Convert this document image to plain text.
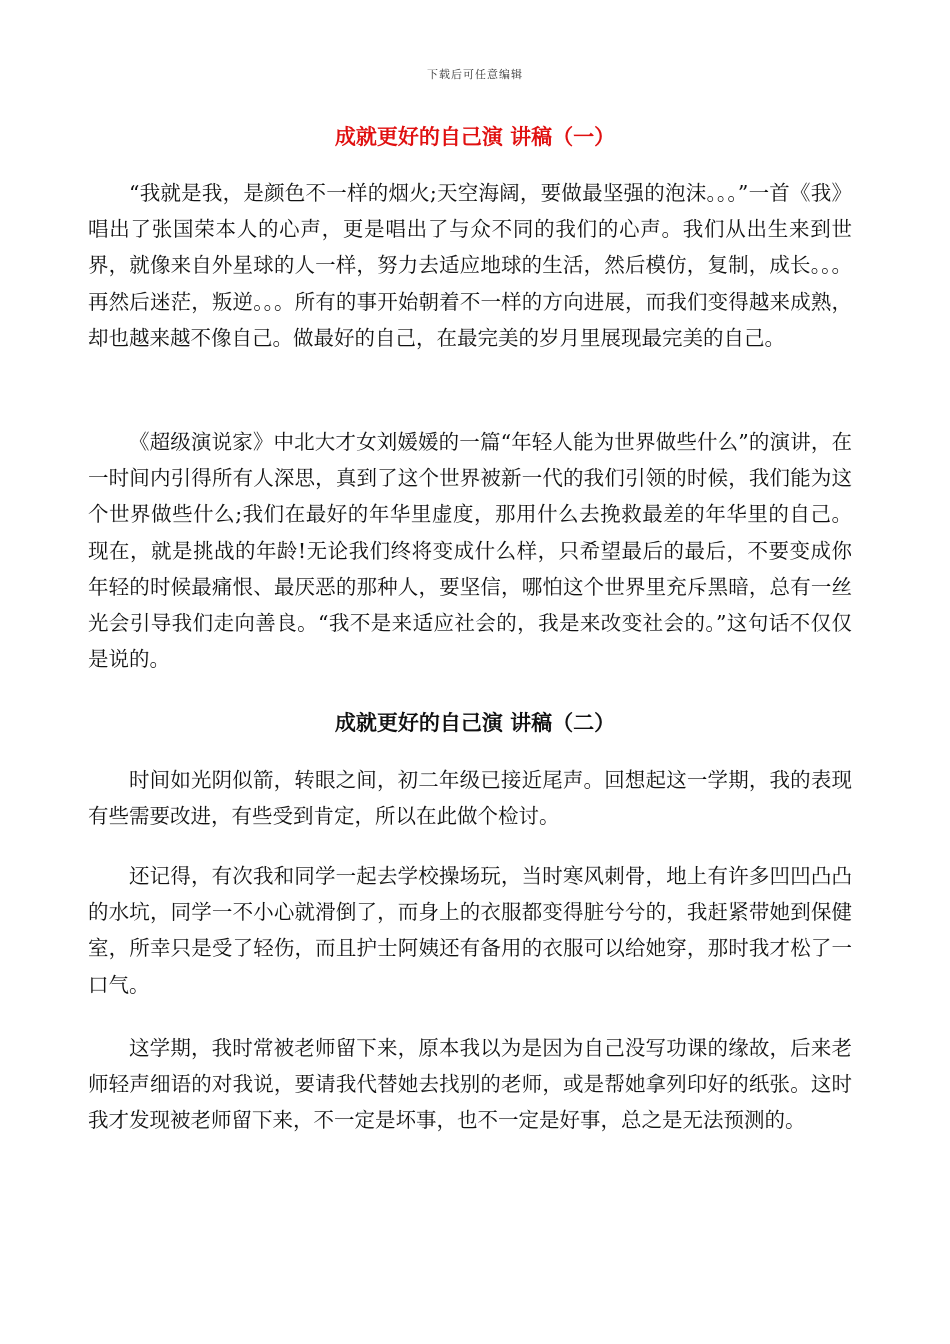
下载后可任意编辑
成就更好的自己演 讲稿（一）

“我就是我，是颜色不一样的烟火;天空海阔，要做最坚强的泡沫。。。”一首《我》唱出了张国荣本人的心声，更是唱出了与众不同的我们的心声。我们从出生来到世界，就像来自外星球的人一样，努力去适应地球的生活，然后模仿，复制，成长。。。再然后迷茫，叛逆。。。所有的事开始朝着不一样的方向进展，而我们变得越来成熟，却也越来越不像自己。做最好的自己，在最完美的岁月里展现最完美的自己。

《超级演说家》中北大才女刘媛媛的一篇“年轻人能为世界做些什么”的演讲，在一时间内引得所有人深思，真到了这个世界被新一代的我们引领的时候，我们能为这个世界做些什么;我们在最好的年华里虚度，那用什么去挽救最差的年华里的自己。现在，就是挑战的年龄!无论我们终将变成什么样，只希望最后的最后，不要变成你年轻的时候最痛恨、最厌恶的那种人，要坚信，哪怕这个世界里充斥黑暗，总有一丝光会引导我们走向善良。“我不是来适应社会的，我是来改变社会的。”这句话不仅仅是说的。

成就更好的自己演 讲稿（二）

时间如光阴似箭，转眼之间，初二年级已接近尾声。回想起这一学期，我的表现有些需要改进，有些受到肯定，所以在此做个检讨。

还记得，有次我和同学一起去学校操场玩，当时寒风刺骨，地上有许多凹凹凸凸的水坑，同学一不小心就滑倒了，而身上的衣服都变得脏兮兮的，我赶紧带她到保健室，所幸只是受了轻伤，而且护士阿姨还有备用的衣服可以给她穿，那时我才松了一口气。

这学期，我时常被老师留下来，原本我以为是因为自己没写功课的缘故，后来老师轻声细语的对我说，要请我代替她去找别的老师，或是帮她拿列印好的纸张。这时我才发现被老师留下来，不一定是坏事，也不一定是好事，总之是无法预测的。
